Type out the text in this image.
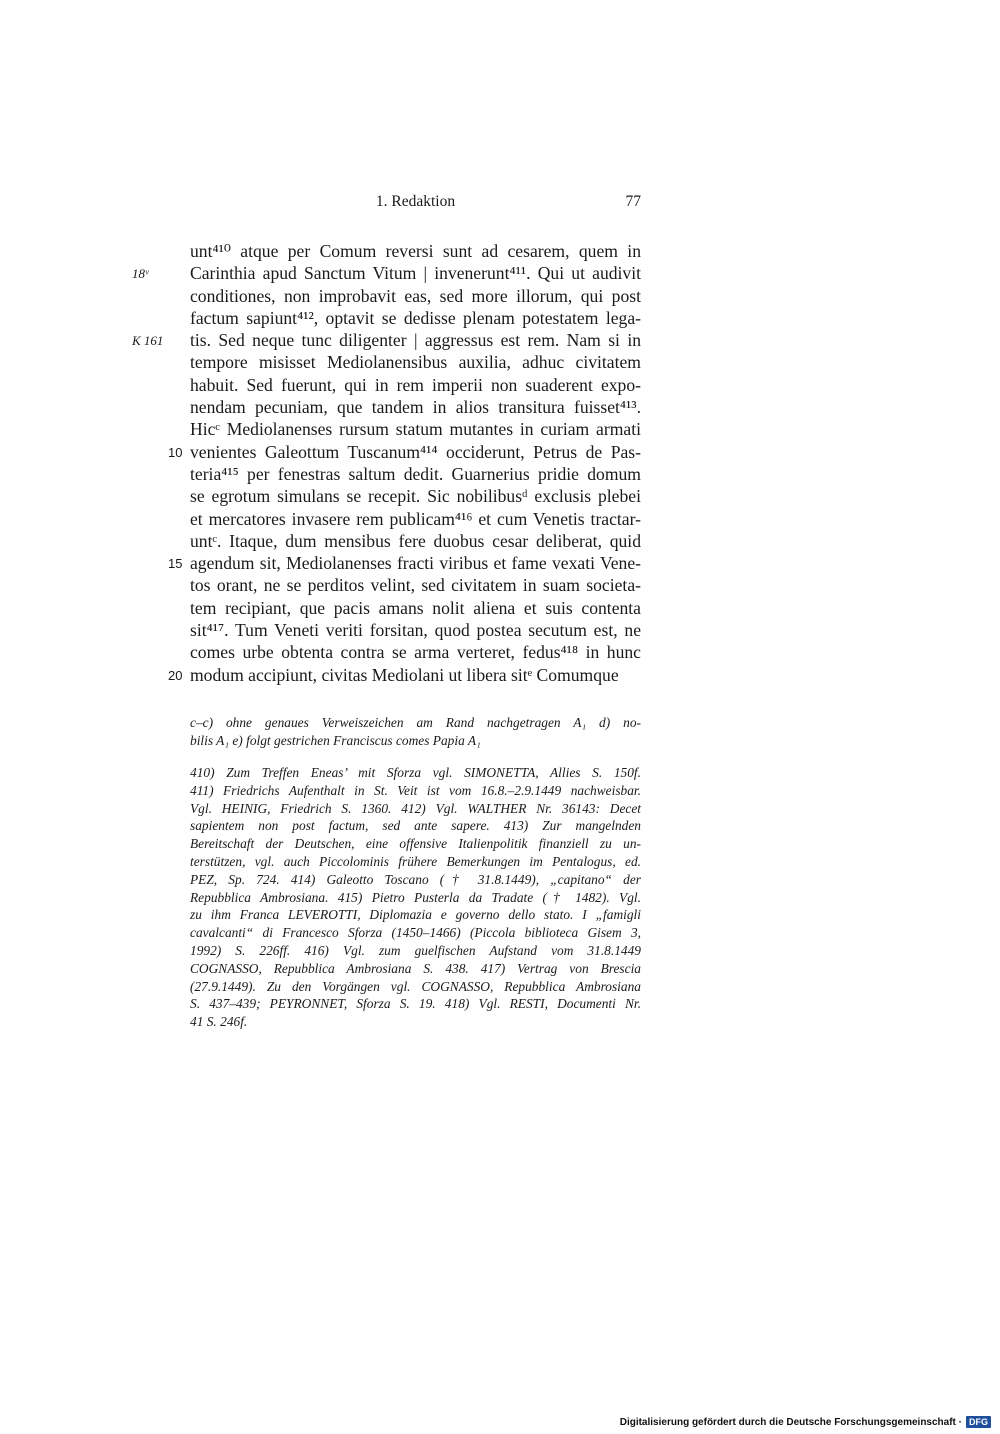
1. Redaktion	77
unt⁴¹⁰ atque per Comum reversi sunt ad cesarem, quem in
18ᵛ Carinthia apud Sanctum Vitum | invenerunt⁴¹¹. Qui ut audivit
conditiones, non improbavit eas, sed more illorum, qui post
factum sapiunt⁴¹², optavit se dedisse plenam potestatem lega-
K 161 tis. Sed neque tunc diligenter | aggressus est rem. Nam si in
tempore misisset Mediolanensibus auxilia, adhuc civitatem
habuit. Sed fuerunt, qui in rem imperii non suaderent expo-
nendam pecuniam, que tandem in alios transitura fuisset⁴¹³.
Hicᶜ Mediolanenses rursum statum mutantes in curiam armati
10 venientes Galeottum Tuscanum⁴¹⁴ occiderunt, Petrus de Pas-
teria⁴¹⁵ per fenestras saltum dedit. Guarnerius pridie domum
se egrotum simulans se recepit. Sic nobilibusᵈ exclusis plebei
et mercatores invasere rem publicam⁴¹⁶ et cum Venetis tractar-
untᶜ. Itaque, dum mensibus fere duobus cesar deliberat, quid
15 agendum sit, Mediolanenses fracti viribus et fame vexati Vene-
tos orant, ne se perditos velint, sed civitatem in suam societa-
tem recipiant, que pacis amans nolit aliena et suis contenta
sit⁴¹⁷. Tum Veneti veriti forsitan, quod postea secutum est, ne
comes urbe obtenta contra se arma verteret, fedus⁴¹⁸ in hunc
20 modum accipiunt, civitas Mediolani ut libera sitᵉ Comumque
c–c) ohne genaues Verweiszeichen am Rand nachgetragen A₁ d) no-
bilis A₁ e) folgt gestrichen Franciscus comes Papia A₁
410) Zum Treffen Eneas’ mit Sforza vgl. SIMONETTA, Allies S. 150f.
411) Friedrichs Aufenthalt in St. Veit ist vom 16.8.–2.9.1449 nachweisbar.
Vgl. HEINIG, Friedrich S. 1360. 412) Vgl. WALTHER Nr. 36143: Decet
sapientem non post factum, sed ante sapere. 413) Zur mangelnden
Bereitschaft der Deutschen, eine offensive Italienpolitik finanziell zu un-
terstützen, vgl. auch Piccolominis frühere Bemerkungen im Pentalogus, ed.
PEZ, Sp. 724. 414) Galeotto Toscano († 31.8.1449), „capitano“ der
Repubblica Ambrosiana. 415) Pietro Pusterla da Tradate († 1482). Vgl.
zu ihm Franca LEVEROTTI, Diplomazia e governo dello stato. I „famigli
cavalcanti“ di Francesco Sforza (1450–1466) (Piccola biblioteca Gisem 3,
1992) S. 226ff. 416) Vgl. zum guelfischen Aufstand vom 31.8.1449
COGNASSO, Repubblica Ambrosiana S. 438. 417) Vertrag von Brescia
(27.9.1449). Zu den Vorgängen vgl. COGNASSO, Repubblica Ambrosiana
S. 437–439; PEYRONNET, Sforza S. 19. 418) Vgl. RESTI, Documenti Nr.
41 S. 246f.
Digitalisierung gefördert durch die Deutsche Forschungsgemeinschaft · DFG
